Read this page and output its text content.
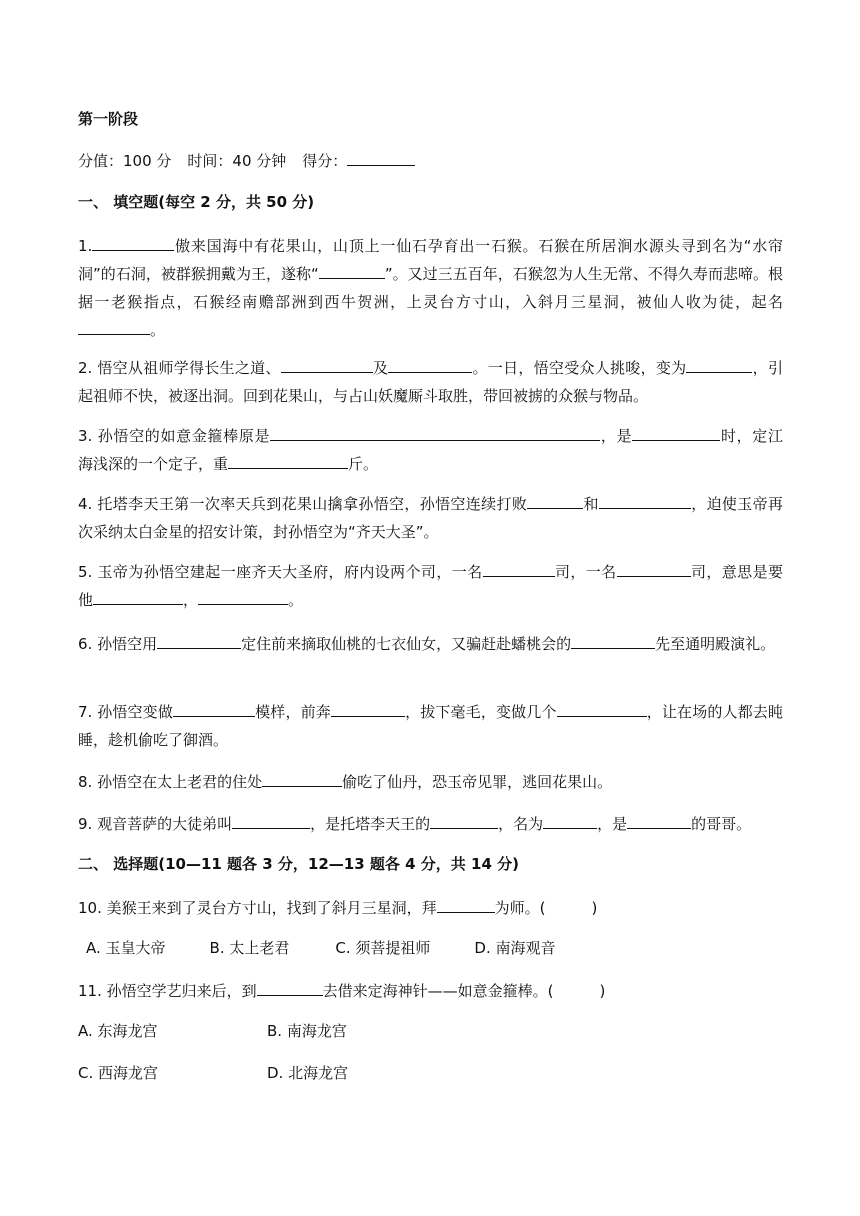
第一阶段
分值：100 分 时间：40 分钟 得分：
一、 填空题(每空 2 分，共 50 分)
1.	傲来国海中有花果山，山顶上一仙石孕育出一石猴。石猴在所居涧水源头寻到名为“水帘洞”的石洞，被群猴拥戴为王，遂称“	”。又过三五百年，石猴忽为人生无常、不得久寿而悲啼。根据一老猴指点，石猴经南赡部洲到西牛贺洲，上灵台方寸山，入斜月三星洞，被仙人收为徒，起名。
2. 悟空从祖师学得长生之道、	及	。一日，悟空受众人挑唆，变为	，引起祖师不快，被逐出洞。回到花果山，与占山妖魔厮斗取胜，带回被掳的众猴与物品。
3. 孙悟空的如意金箍棒原是	，是	时，定江海浅深的一个定子，重	斤。
4. 托塔李天王第一次率天兵到花果山擒拿孙悟空，孙悟空连续打败	和	，迫使玉帝再次采纳太白金星的招安计策，封孙悟空为“齐天大圣”。
5. 玉帝为孙悟空建起一座齐天大圣府，府内设两个司，一名	司，一名	司，意思是要他	，	。
6. 孙悟空用	定住前来摘取仙桃的七衣仙女，又骗赶赴蟠桃会的	先至通明殿演礼。
7. 孙悟空变做	模样，前奔	，拔下毫毛，变做几个	，让在场的人都去盹睡，趁机偷吃了御酒。
8. 孙悟空在太上老君的住处	偷吃了仙丹，恐玉帝见罪，逃回花果山。
9. 观音菩萨的大徒弟叫	，是托塔李天王的	，名为	，是	的哥哥。
二、 选择题(10—11 题各 3 分，12—13 题各 4 分，共 14 分)
10. 美猴王来到了灵台方寸山，找到了斜月三星洞，拜	为师。(	)
A. 玉皇大帝	B. 太上老君	C. 须菩提祖师	D. 南海观音
11. 孙悟空学艺归来后，到	去借来定海神针——如意金箍棒。(	)
A. 东海龙宫	B. 南海龙宫
C. 西海龙宫	D. 北海龙宫
